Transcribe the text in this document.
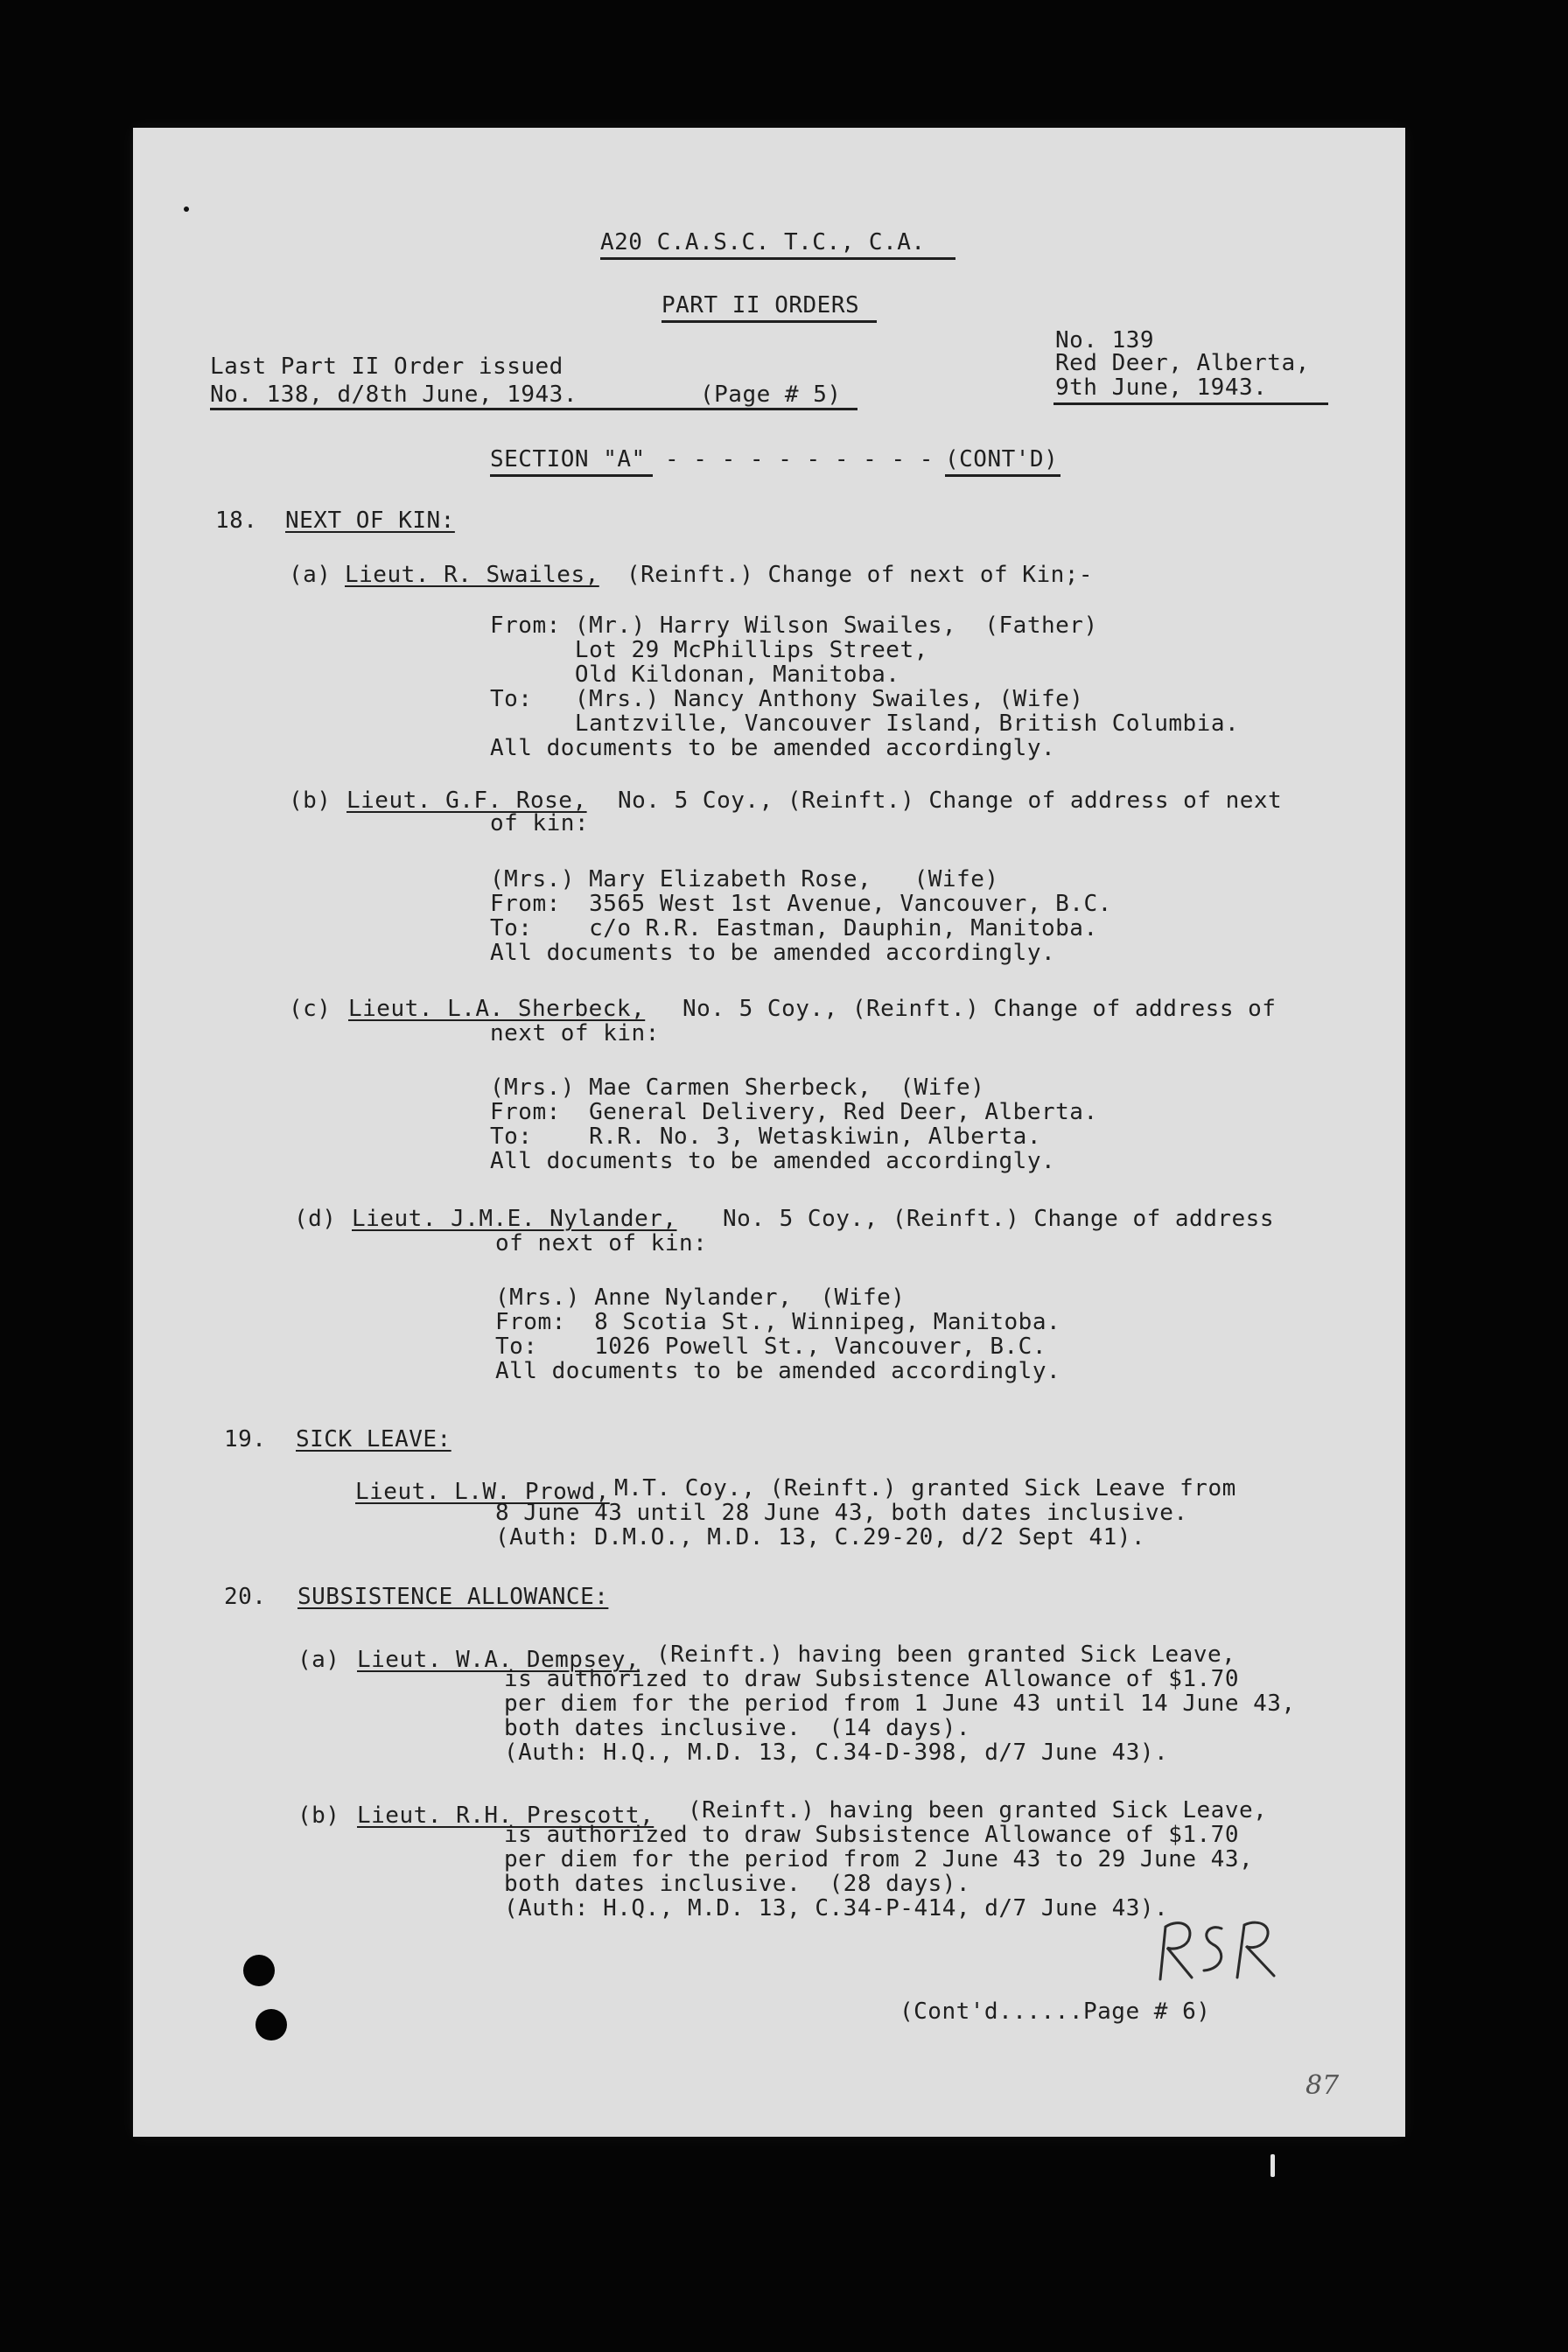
A20 C.A.S.C. T.C., C.A.
PART II ORDERS
No. 139
Last Part II Order issued	Red Deer, Alberta,
No. 138, d/8th June, 1943.	(Page # 5)	9th June, 1943.
SECTION "A" - - - - - - - - - - (CONT'D)
18. NEXT OF KIN:
(a) Lieut. R. Swailes, (Reinft.) Change of next of Kin;-
From: (Mr.) Harry Wilson Swailes,  (Father)
Lot 29 McPhillips Street,
Old Kildonan, Manitoba.
To:   (Mrs.) Nancy Anthony Swailes, (Wife)
Lantzville, Vancouver Island, British Columbia.
All documents to be amended accordingly.
(b) Lieut. G.F. Rose, No. 5 Coy., (Reinft.) Change of address of next
of kin:
(Mrs.) Mary Elizabeth Rose,   (Wife)
From:  3565 West 1st Avenue, Vancouver, B.C.
To:    c/o R.R. Eastman, Dauphin, Manitoba.
All documents to be amended accordingly.
(c) Lieut. L.A. Sherbeck, No. 5 Coy., (Reinft.) Change of address of
next of kin:
(Mrs.) Mae Carmen Sherbeck,  (Wife)
From:  General Delivery, Red Deer, Alberta.
To:    R.R. No. 3, Wetaskiwin, Alberta.
All documents to be amended accordingly.
(d) Lieut. J.M.E. Nylander, No. 5 Coy., (Reinft.) Change of address
of next of kin:
(Mrs.) Anne Nylander,  (Wife)
From:  8 Scotia St., Winnipeg, Manitoba.
To:    1026 Powell St., Vancouver, B.C.
All documents to be amended accordingly.
19. SICK LEAVE:
Lieut. L.W. Prowd, M.T. Coy., (Reinft.) granted Sick Leave from
8 June 43 until 28 June 43, both dates inclusive.
(Auth: D.M.O., M.D. 13, C.29-20, d/2 Sept 41).
20. SUBSISTENCE ALLOWANCE:
(a) Lieut. W.A. Dempsey, (Reinft.) having been granted Sick Leave,
is authorized to draw Subsistence Allowance of $1.70
per diem for the period from 1 June 43 until 14 June 43,
both dates inclusive.  (14 days).
(Auth: H.Q., M.D. 13, C.34-D-398, d/7 June 43).
(b) Lieut. R.H. Prescott, (Reinft.) having been granted Sick Leave,
is authorized to draw Subsistence Allowance of $1.70
per diem for the period from 2 June 43 to 29 June 43,
both dates inclusive.  (28 days).
(Auth: H.Q., M.D. 13, C.34-P-414, d/7 June 43).
(Cont'd......Page # 6)
87
